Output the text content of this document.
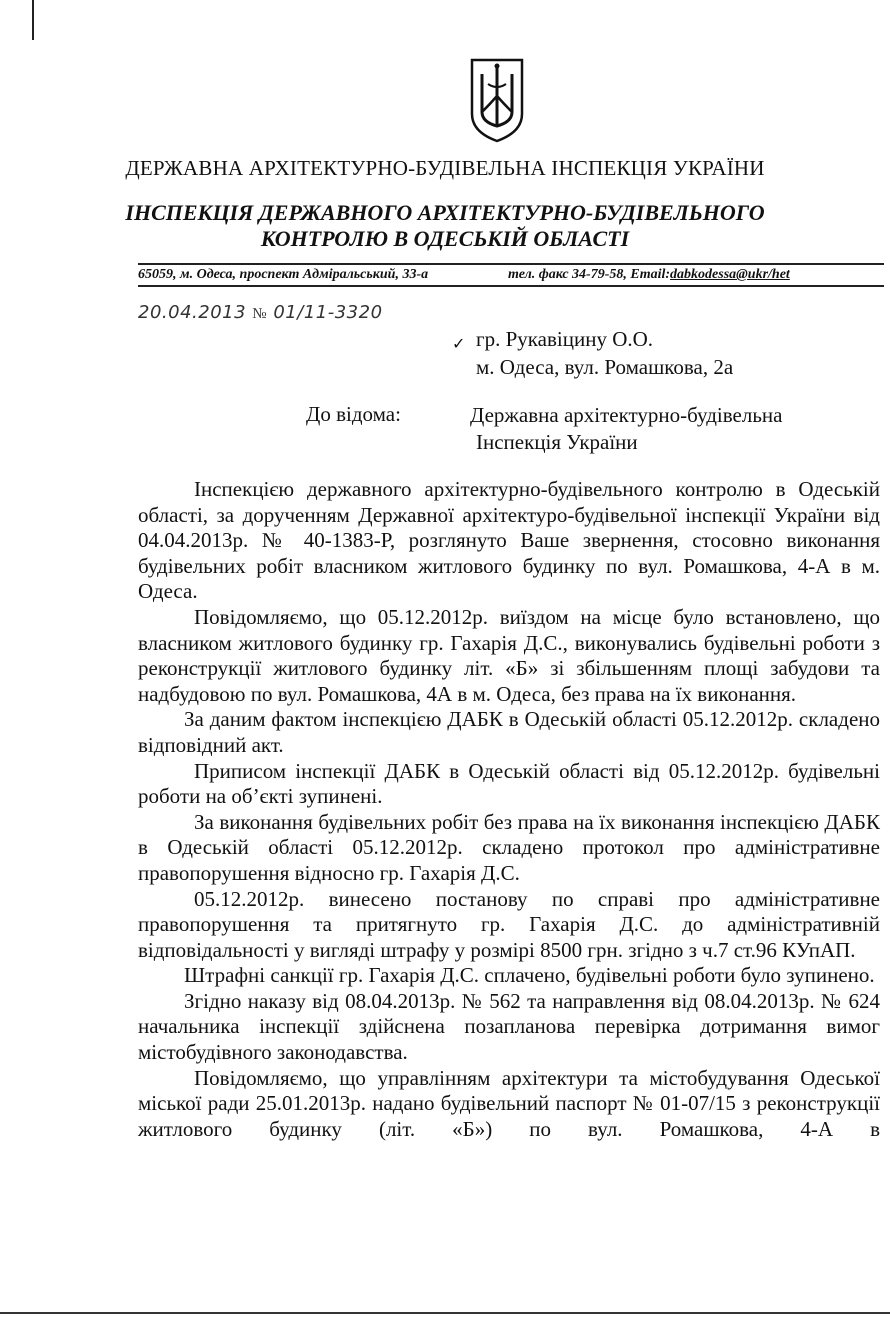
ДЕРЖАВНА АРХІТЕКТУРНО-БУДІВЕЛЬНА ІНСПЕКЦІЯ УКРАЇНИ
ІНСПЕКЦІЯ ДЕРЖАВНОГО АРХІТЕКТУРНО-БУДІВЕЛЬНОГО
КОНТРОЛЮ В ОДЕСЬКІЙ ОБЛАСТІ
65059, м. Одеса, проспект Адміральський, 33-а	тел. факс 34-79-58, Email:dabkodessa@ukr/het
20.04.2013 № 01/11-3320
✓ гр. Рукавіцину О.О.
м. Одеса, вул. Ромашкова, 2а
До відома:	Державна архітектурно-будівельна
Інспекція України

Інспекцією державного архітектурно-будівельного контролю в Одеській області, за дорученням Державної архітектуро-будівельної інспекції України від 04.04.2013р. № 40-1383-Р, розглянуто Ваше звернення, стосовно виконання будівельних робіт власником житлового будинку по вул. Ромашкова, 4-А в м. Одеса.

Повідомляємо, що 05.12.2012р. виїздом на місце було встановлено, що власником житлового будинку гр. Гахарія Д.С., виконувались будівельні роботи з реконструкції житлового будинку літ. «Б» зі збільшенням площі забудови та надбудовою по вул. Ромашкова, 4А в м. Одеса, без права на їх виконання.

За даним фактом інспекцією ДАБК в Одеській області 05.12.2012р. складено відповідний акт.

Приписом інспекції ДАБК в Одеській області від 05.12.2012р. будівельні роботи на об’єкті зупинені.

За виконання будівельних робіт без права на їх виконання інспекцією ДАБК в Одеській області 05.12.2012р. складено протокол про адміністративне правопорушення відносно гр. Гахарія Д.С.

05.12.2012р. винесено постанову по справі про адміністративне правопорушення та притягнуто гр. Гахарія Д.С. до адміністративній відповідальності у вигляді штрафу у розмірі 8500 грн. згідно з ч.7 ст.96 КУпАП.

Штрафні санкції гр. Гахарія Д.С. сплачено, будівельні роботи було зупинено.

Згідно наказу від 08.04.2013р. № 562 та направлення від 08.04.2013р. № 624 начальника інспекції здійснена позапланова перевірка дотримання вимог містобудівного законодавства.

Повідомляємо, що управлінням архітектури та містобудування Одеської міської ради 25.01.2013р. надано будівельний паспорт № 01-07/15 з реконструкції житлового будинку (літ. «Б») по вул. Ромашкова, 4-А в
